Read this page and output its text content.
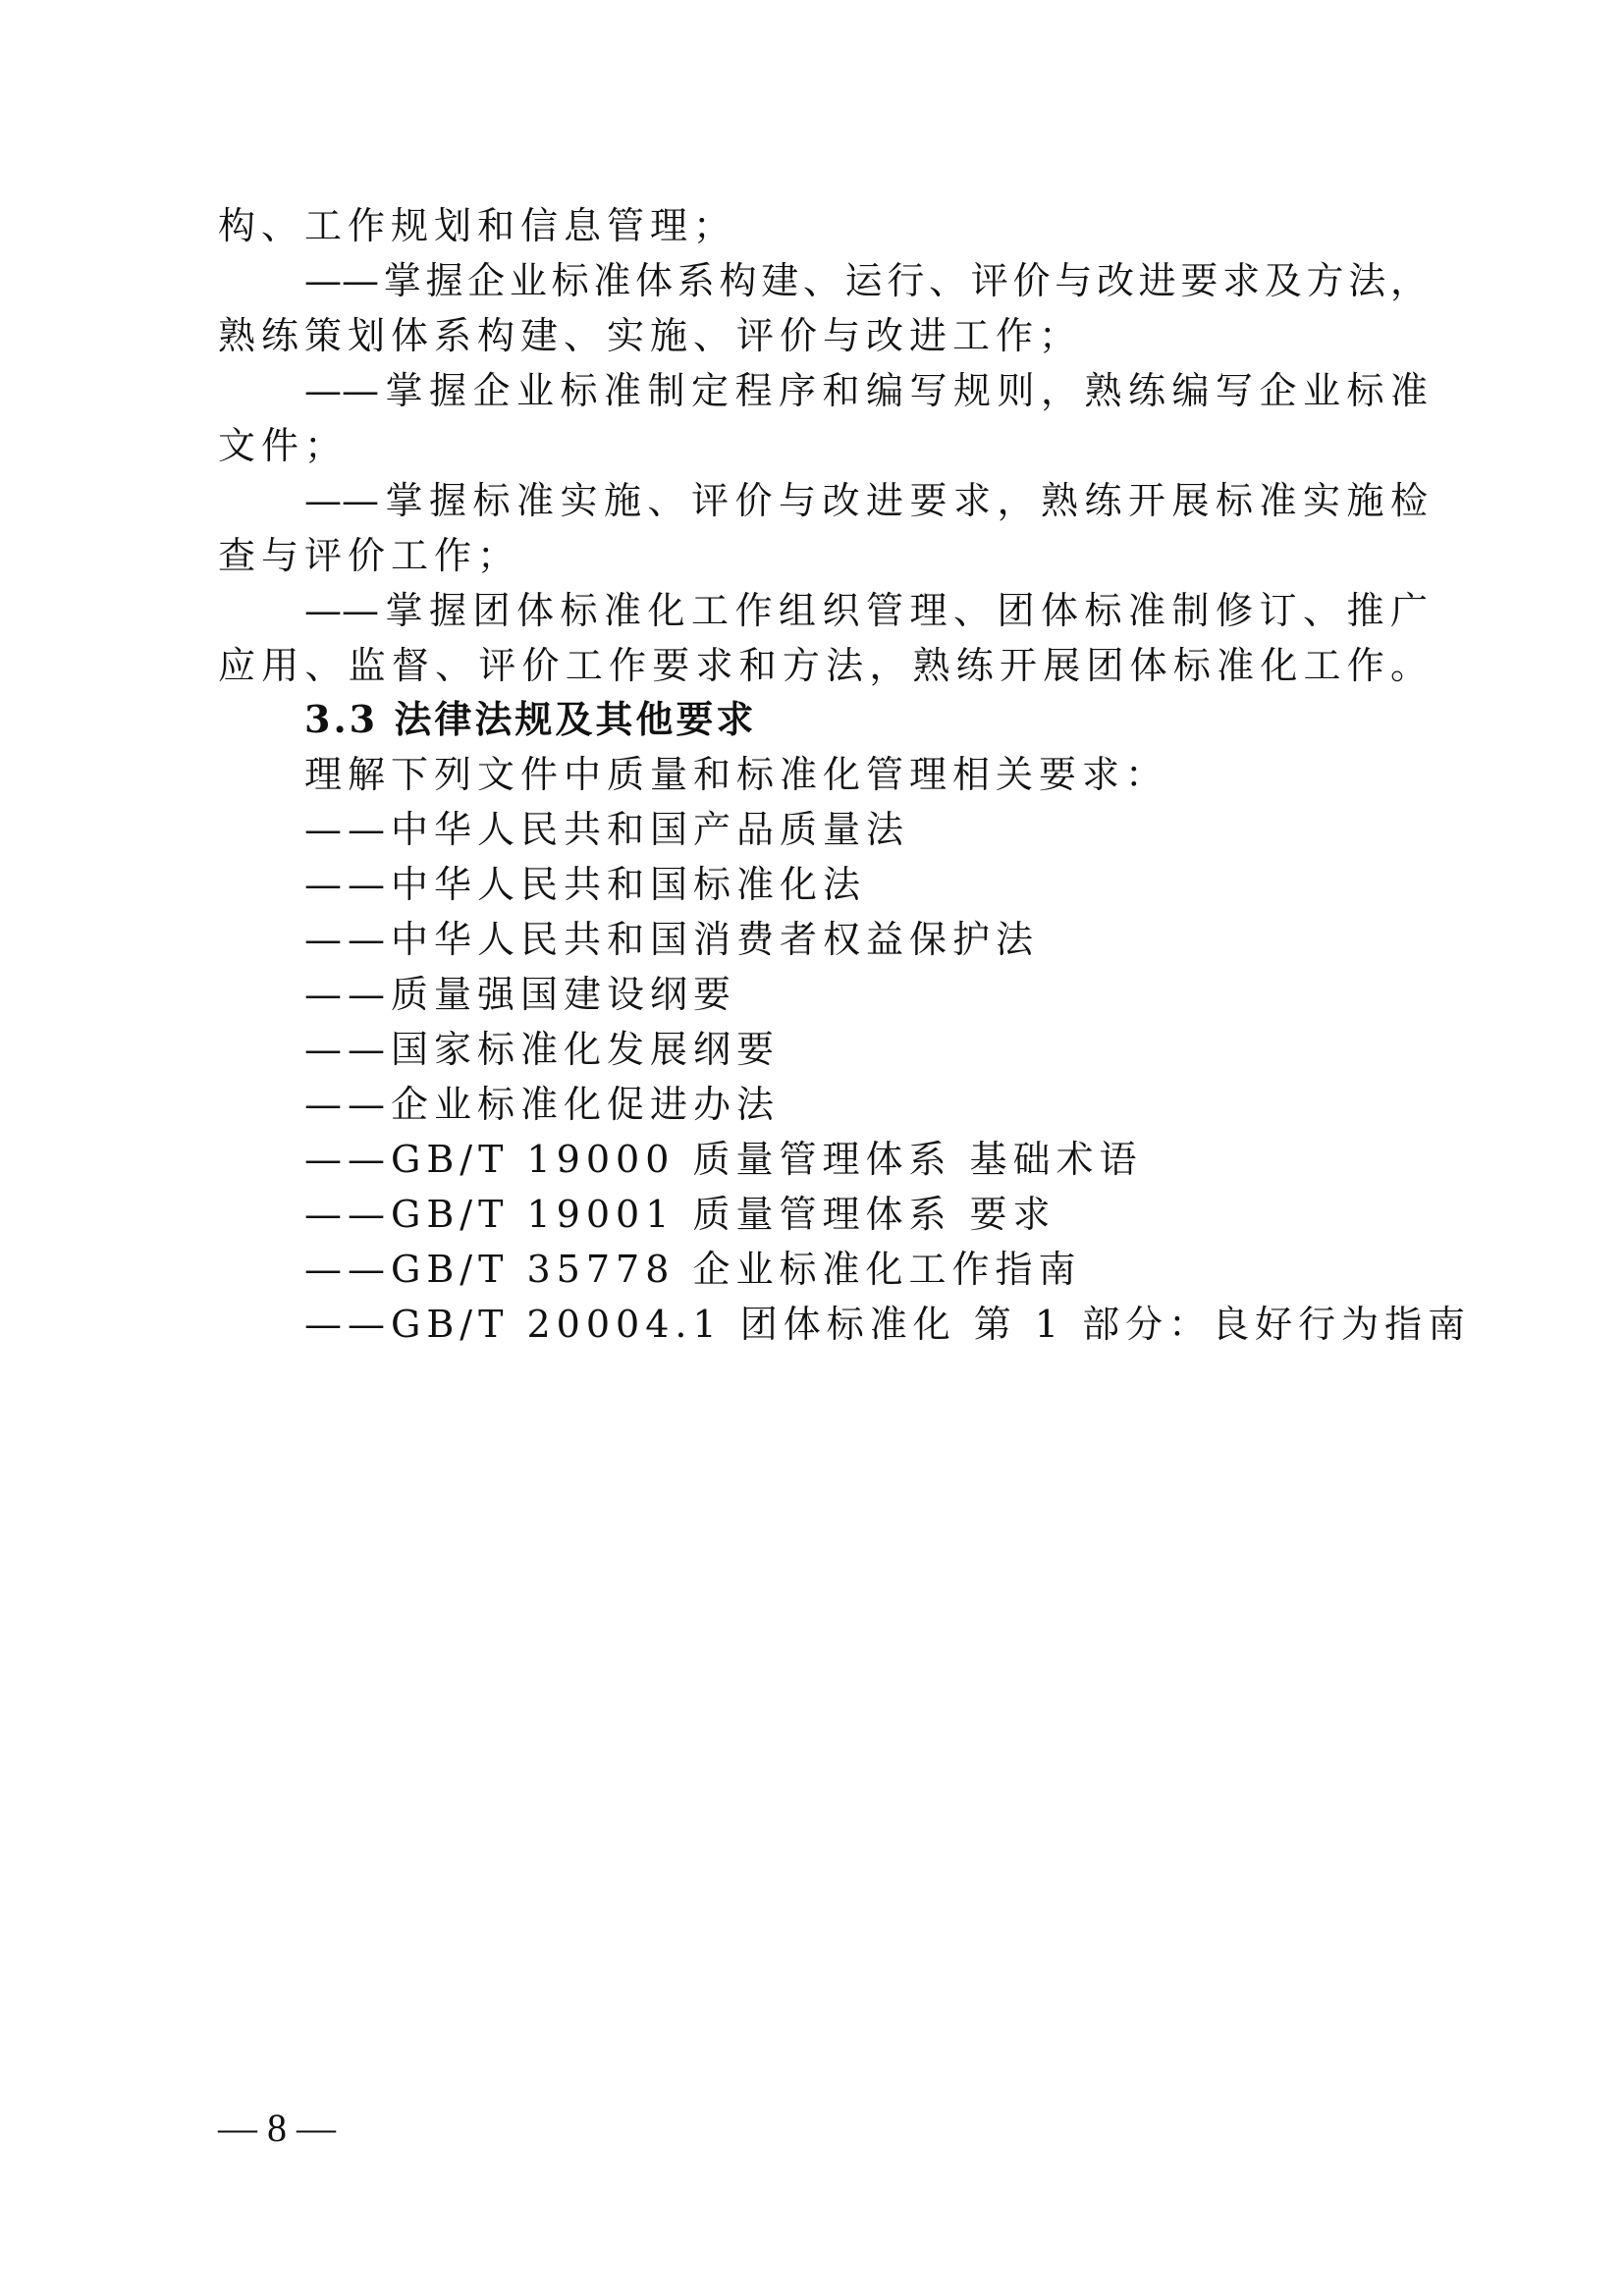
构、工作规划和信息管理；
——掌握企业标准体系构建、运行、评价与改进要求及方法，
熟练策划体系构建、实施、评价与改进工作；
——掌握企业标准制定程序和编写规则，熟练编写企业标准
文件；
——掌握标准实施、评价与改进要求，熟练开展标准实施检
查与评价工作；
——掌握团体标准化工作组织管理、团体标准制修订、推广
应用、监督、评价工作要求和方法，熟练开展团体标准化工作。
3.3 法律法规及其他要求
理解下列文件中质量和标准化管理相关要求：
——中华人民共和国产品质量法
——中华人民共和国标准化法
——中华人民共和国消费者权益保护法
——质量强国建设纲要
——国家标准化发展纲要
——企业标准化促进办法
——GB/T 19000 质量管理体系 基础术语
——GB/T 19001 质量管理体系 要求
——GB/T 35778 企业标准化工作指南
——GB/T 20004.1 团体标准化 第 1 部分：良好行为指南
— 8 —
